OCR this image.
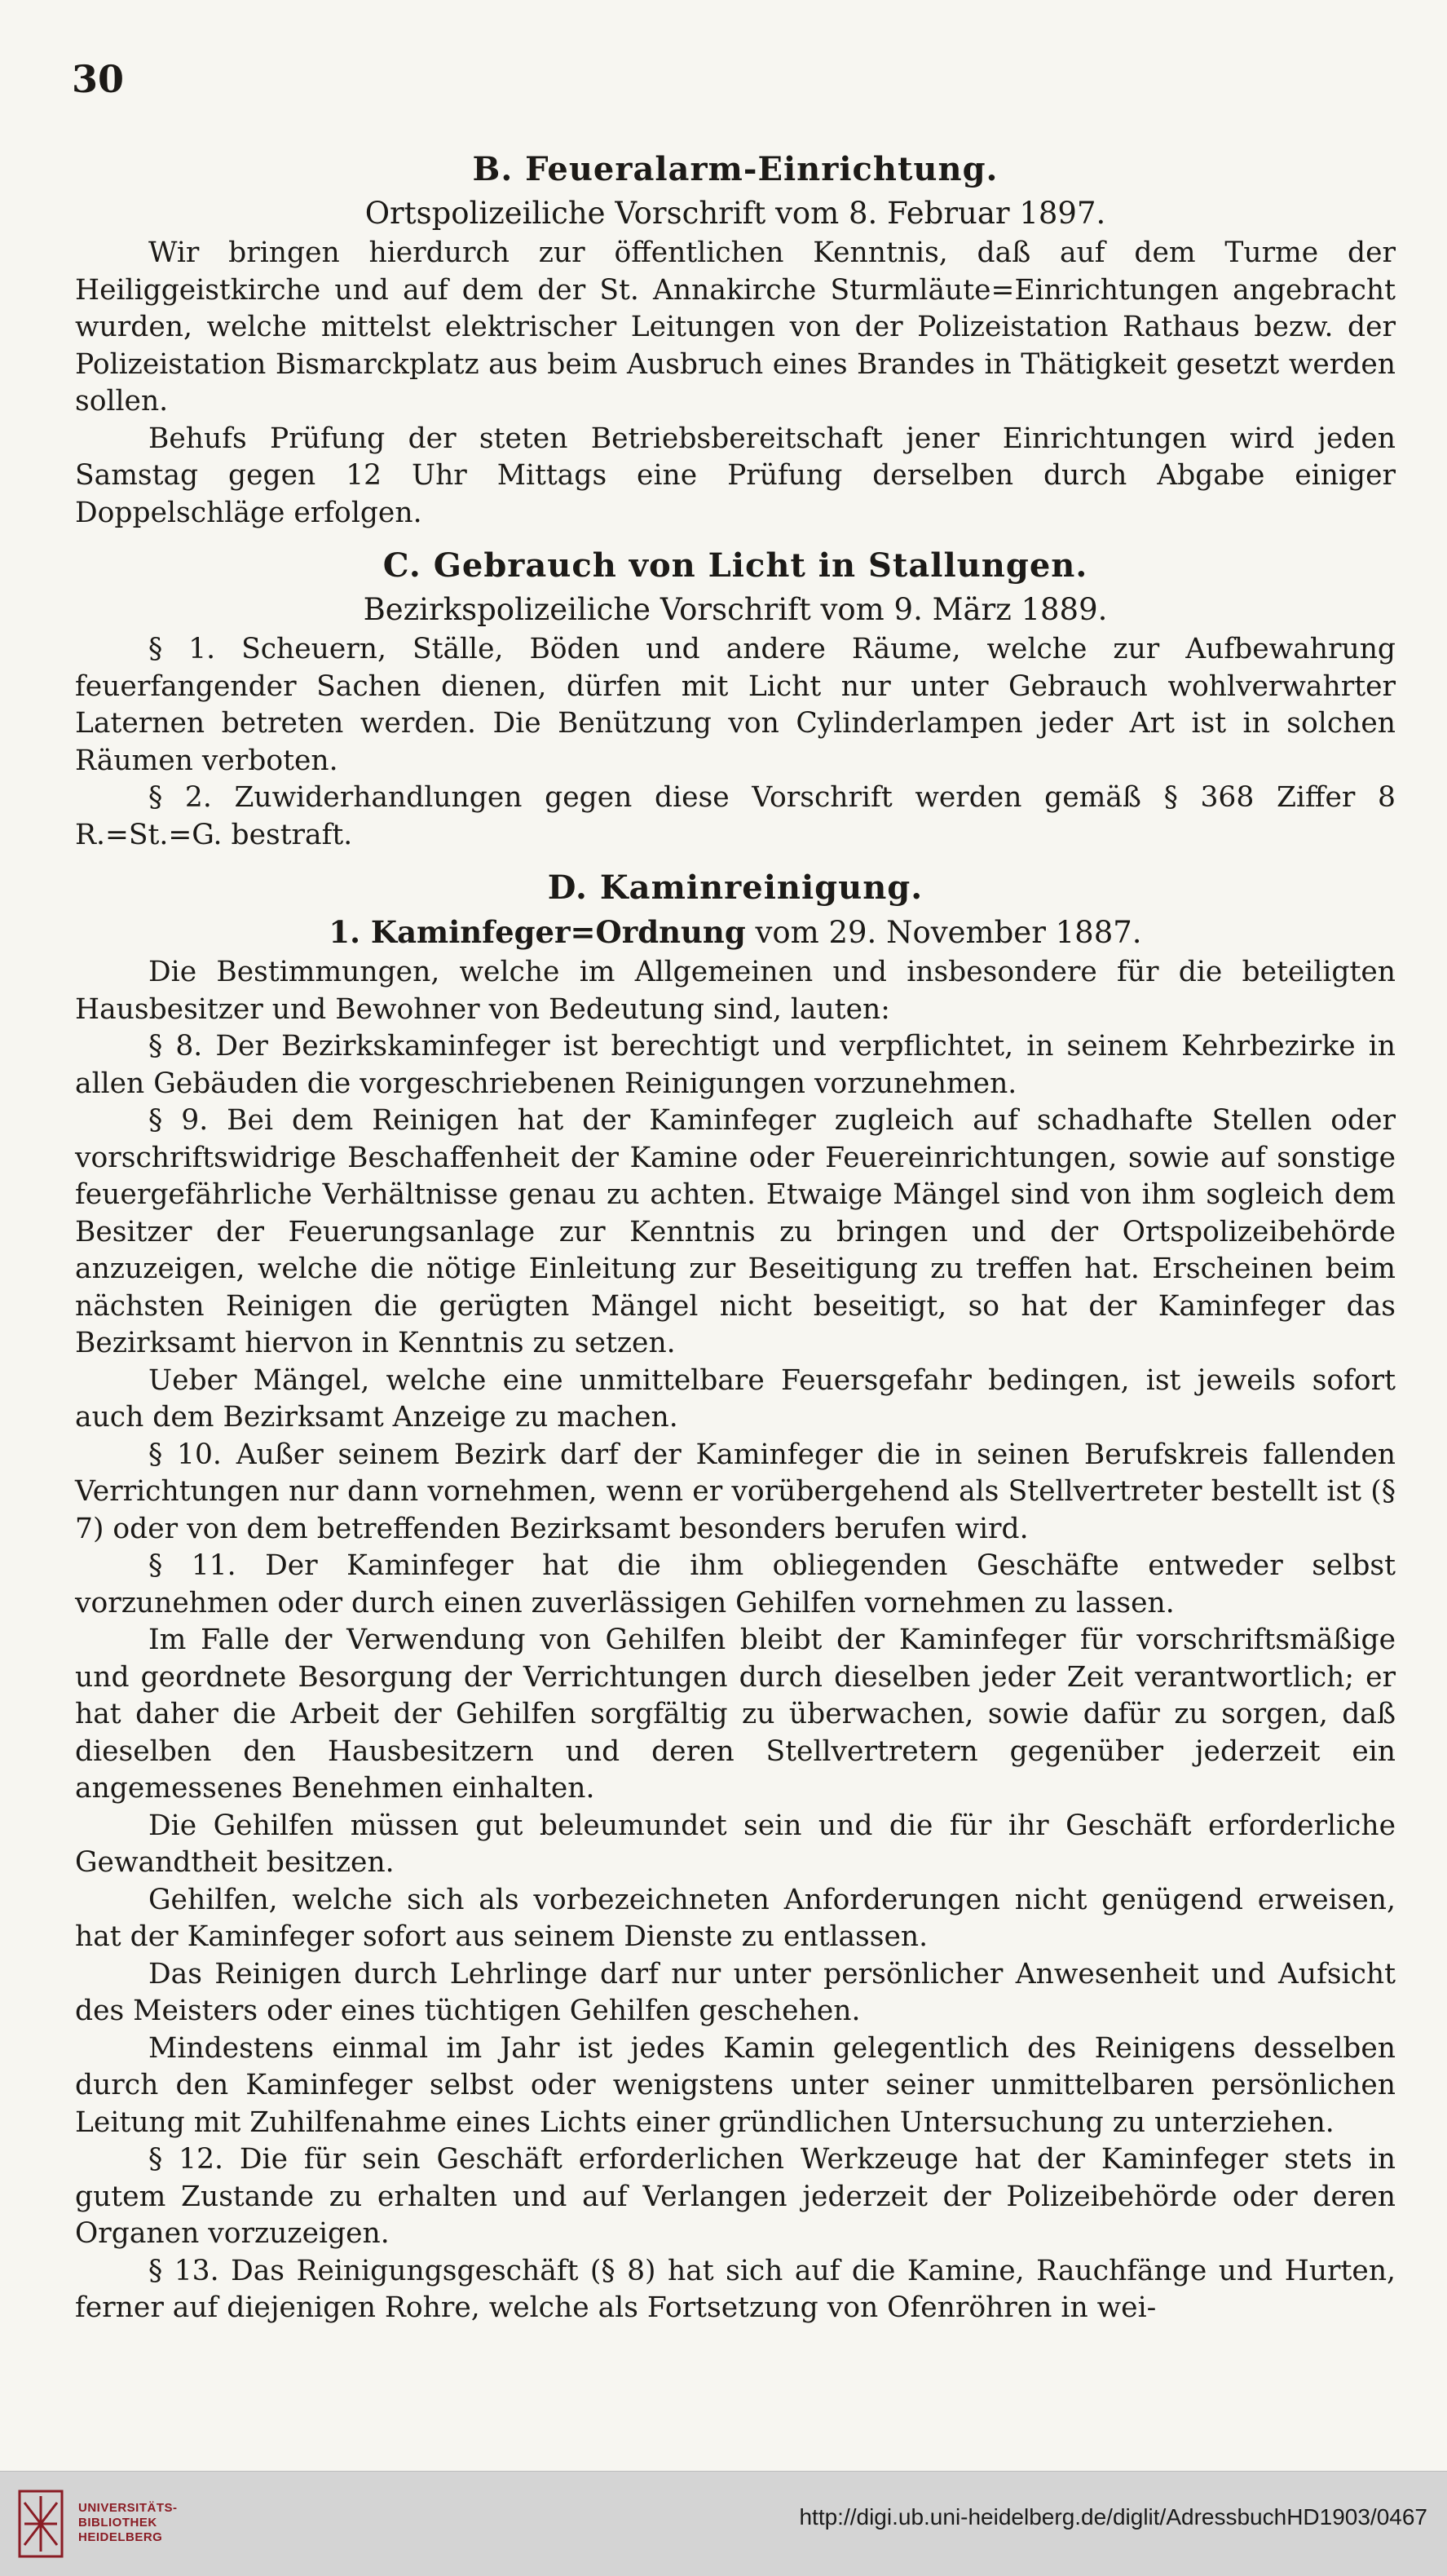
30
B. Feueralarm-Einrichtung.
Ortspolizeiliche Vorschrift vom 8. Februar 1897.

Wir bringen hierdurch zur öffentlichen Kenntnis, daß auf dem Turme der Heiliggeistkirche und auf dem der St. Annakirche Sturmläute=Einrichtungen angebracht wurden, welche mittelst elektrischer Leitungen von der Polizeistation Rathaus bezw. der Polizeistation Bismarckplatz aus beim Ausbruch eines Brandes in Thätigkeit gesetzt werden sollen.

Behufs Prüfung der steten Betriebsbereitschaft jener Einrichtungen wird jeden Samstag gegen 12 Uhr Mittags eine Prüfung derselben durch Abgabe einiger Doppelschläge erfolgen.

C. Gebrauch von Licht in Stallungen.
Bezirkspolizeiliche Vorschrift vom 9. März 1889.

§ 1. Scheuern, Ställe, Böden und andere Räume, welche zur Aufbewahrung feuerfangender Sachen dienen, dürfen mit Licht nur unter Gebrauch wohlverwahrter Laternen betreten werden. Die Benützung von Cylinderlampen jeder Art ist in solchen Räumen verboten.

§ 2. Zuwiderhandlungen gegen diese Vorschrift werden gemäß § 368 Ziffer 8 R.=St.=G. bestraft.

D. Kaminreinigung.
1. Kaminfeger=Ordnung vom 29. November 1887.

Die Bestimmungen, welche im Allgemeinen und insbesondere für die beteiligten Hausbesitzer und Bewohner von Bedeutung sind, lauten:

§ 8. Der Bezirkskaminfeger ist berechtigt und verpflichtet, in seinem Kehrbezirke in allen Gebäuden die vorgeschriebenen Reinigungen vorzunehmen.

§ 9. Bei dem Reinigen hat der Kaminfeger zugleich auf schadhafte Stellen oder vorschriftswidrige Beschaffenheit der Kamine oder Feuereinrichtungen, sowie auf sonstige feuergefährliche Verhältnisse genau zu achten. Etwaige Mängel sind von ihm sogleich dem Besitzer der Feuerungsanlage zur Kenntnis zu bringen und der Ortspolizeibehörde anzuzeigen, welche die nötige Einleitung zur Beseitigung zu treffen hat. Erscheinen beim nächsten Reinigen die gerügten Mängel nicht beseitigt, so hat der Kaminfeger das Bezirksamt hiervon in Kenntnis zu setzen.

Ueber Mängel, welche eine unmittelbare Feuersgefahr bedingen, ist jeweils sofort auch dem Bezirksamt Anzeige zu machen.

§ 10. Außer seinem Bezirk darf der Kaminfeger die in seinen Berufskreis fallenden Verrichtungen nur dann vornehmen, wenn er vorübergehend als Stellvertreter bestellt ist (§ 7) oder von dem betreffenden Bezirksamt besonders berufen wird.

§ 11. Der Kaminfeger hat die ihm obliegenden Geschäfte entweder selbst vorzunehmen oder durch einen zuverlässigen Gehilfen vornehmen zu lassen.

Im Falle der Verwendung von Gehilfen bleibt der Kaminfeger für vorschriftsmäßige und geordnete Besorgung der Verrichtungen durch dieselben jeder Zeit verantwortlich; er hat daher die Arbeit der Gehilfen sorgfältig zu überwachen, sowie dafür zu sorgen, daß dieselben den Hausbesitzern und deren Stellvertretern gegenüber jederzeit ein angemessenes Benehmen einhalten.

Die Gehilfen müssen gut beleumundet sein und die für ihr Geschäft erforderliche Gewandtheit besitzen.

Gehilfen, welche sich als vorbezeichneten Anforderungen nicht genügend erweisen, hat der Kaminfeger sofort aus seinem Dienste zu entlassen.

Das Reinigen durch Lehrlinge darf nur unter persönlicher Anwesenheit und Aufsicht des Meisters oder eines tüchtigen Gehilfen geschehen.

Mindestens einmal im Jahr ist jedes Kamin gelegentlich des Reinigens desselben durch den Kaminfeger selbst oder wenigstens unter seiner unmittelbaren persönlichen Leitung mit Zuhilfenahme eines Lichts einer gründlichen Untersuchung zu unterziehen.

§ 12. Die für sein Geschäft erforderlichen Werkzeuge hat der Kaminfeger stets in gutem Zustande zu erhalten und auf Verlangen jederzeit der Polizeibehörde oder deren Organen vorzuzeigen.

§ 13. Das Reinigungsgeschäft (§ 8) hat sich auf die Kamine, Rauchfänge und Hurten, ferner auf diejenigen Rohre, welche als Fortsetzung von Ofenröhren in wei-

UNIVERSITÄTS-
BIBLIOTHEK
HEIDELBERG
http://digi.ub.uni-heidelberg.de/diglit/AdressbuchHD1903/0467
